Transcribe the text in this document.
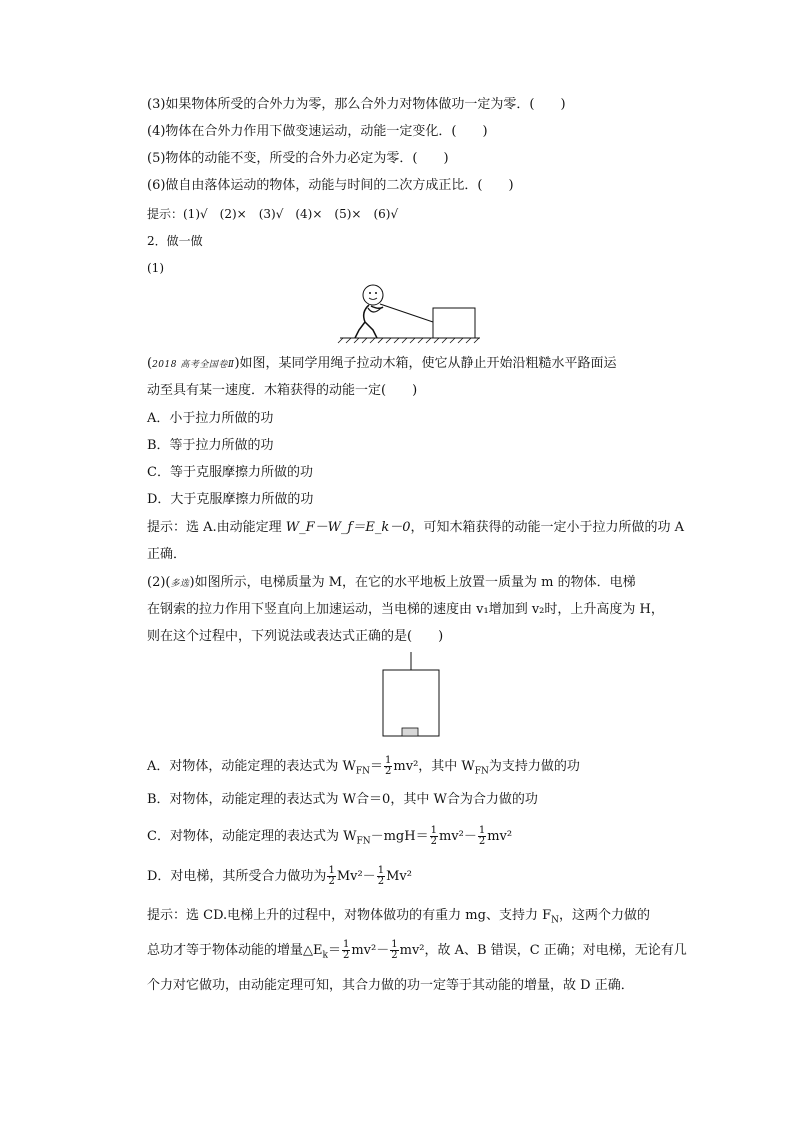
(3)如果物体所受的合外力为零，那么合外力对物体做功一定为零．(　　)
(4)物体在合外力作用下做变速运动，动能一定变化．(　　)
(5)物体的动能不变，所受的合外力必定为零．(　　)
(6)做自由落体运动的物体，动能与时间的二次方成正比．(　　)
提示：(1)√　(2)×　(3)√　(4)×　(5)×　(6)√
2．做一做
(1)
(2018 高考全国卷Ⅱ)如图，某同学用绳子拉动木箱，使它从静止开始沿粗糙水平路面运
动至具有某一速度．木箱获得的动能一定(　　)
A．小于拉力所做的功
B．等于拉力所做的功
C．等于克服摩擦力所做的功
D．大于克服摩擦力所做的功
提示：选 A.由动能定理 W_F－W_f＝E_k－0，可知木箱获得的动能一定小于拉力所做的功 A
正确．
(2)(多选)如图所示，电梯质量为 M，在它的水平地板上放置一质量为 m 的物体．电梯
在钢索的拉力作用下竖直向上加速运动，当电梯的速度由 v₁增加到 v₂时，上升高度为 H，
则在这个过程中，下列说法或表达式正确的是(　　)
A．对物体，动能定理的表达式为 $W_{FN}= \frac{1}{2} mv^2$，其中 $W_{FN}$为支持力做的功
B．对物体，动能定理的表达式为 W合＝0，其中 W合为合力做的功
C．对物体，动能定理的表达式为 $W_{FN}-mgH= \frac{1}{2} mv^2- \frac{1}{2} mv^2$
D．对电梯，其所受合力做功为 $\frac{1}{2} Mv^2- \frac{1}{2} Mv^2$
提示：选 CD.电梯上升的过程中，对物体做功的有重力 mg、支持力 $F_N$，这两个力做的
总功才等于物体动能的增量$\triangle E_k= \frac{1}{2} mv^2- \frac{1}{2} mv^2$，故 A、B 错误，C 正确；对电梯，无论有几
个力对它做功，由动能定理可知，其合力做的功一定等于其动能的增量，故 D 正确．
